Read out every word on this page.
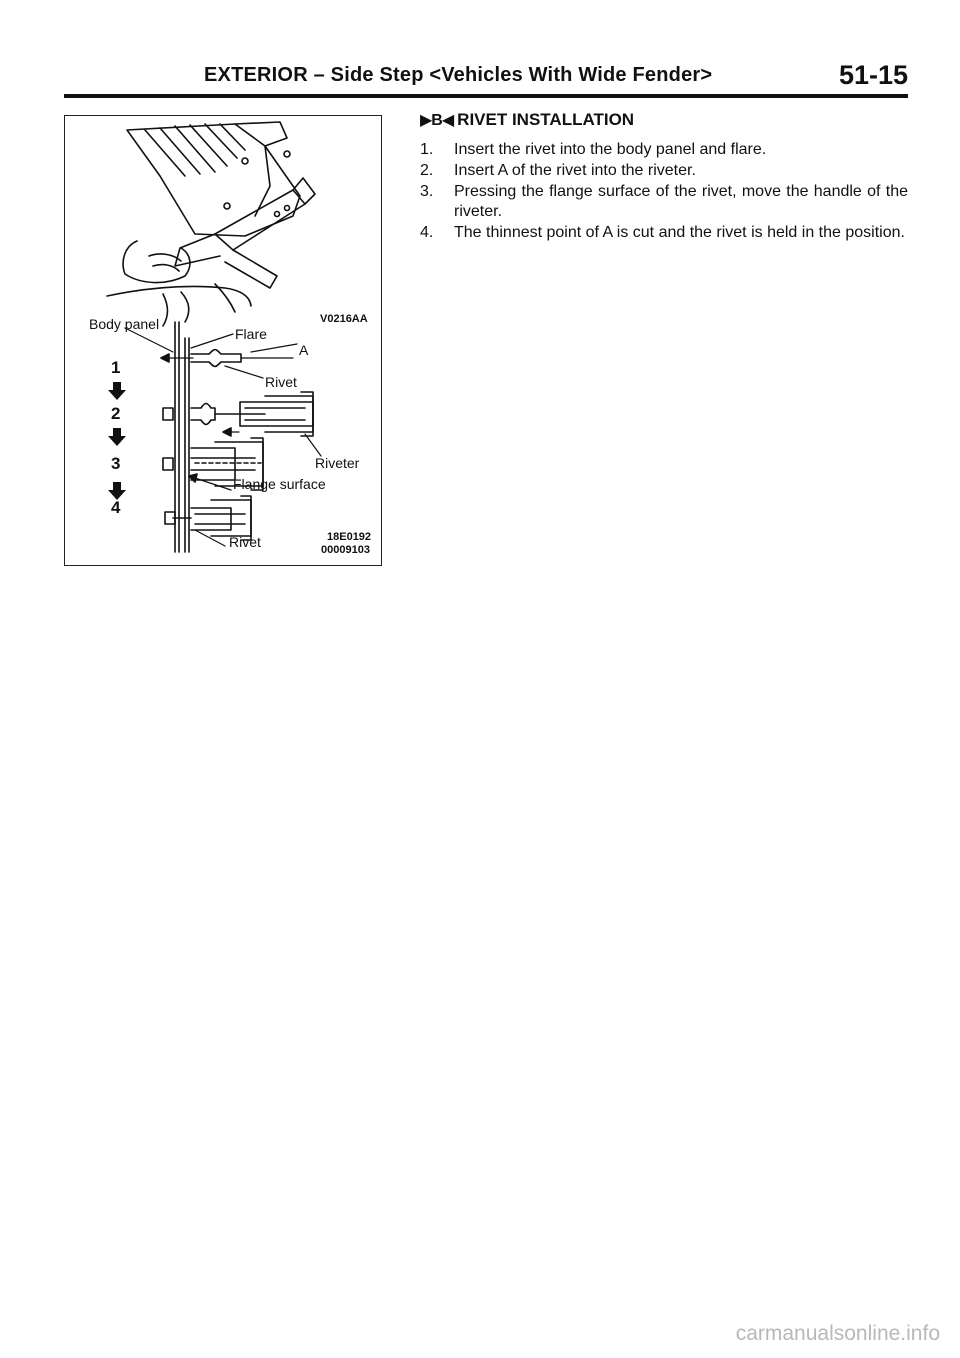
EXTERIOR – Side Step <Vehicles With Wide Fender>	51-15
V0216AA
Body panel
Flare
A
Rivet
Riveter
Flange surface
Rivet	18E0192
00009103
1
2
3
4
▶B◀ RIVET INSTALLATION
1.	Insert the rivet into the body panel and flare.
2.	Insert A of the rivet into the riveter.
3.	Pressing the flange surface of the rivet, move the handle of the riveter.
4.	The thinnest point of A is cut and the rivet is held in the position.
carmanualsonline.info
